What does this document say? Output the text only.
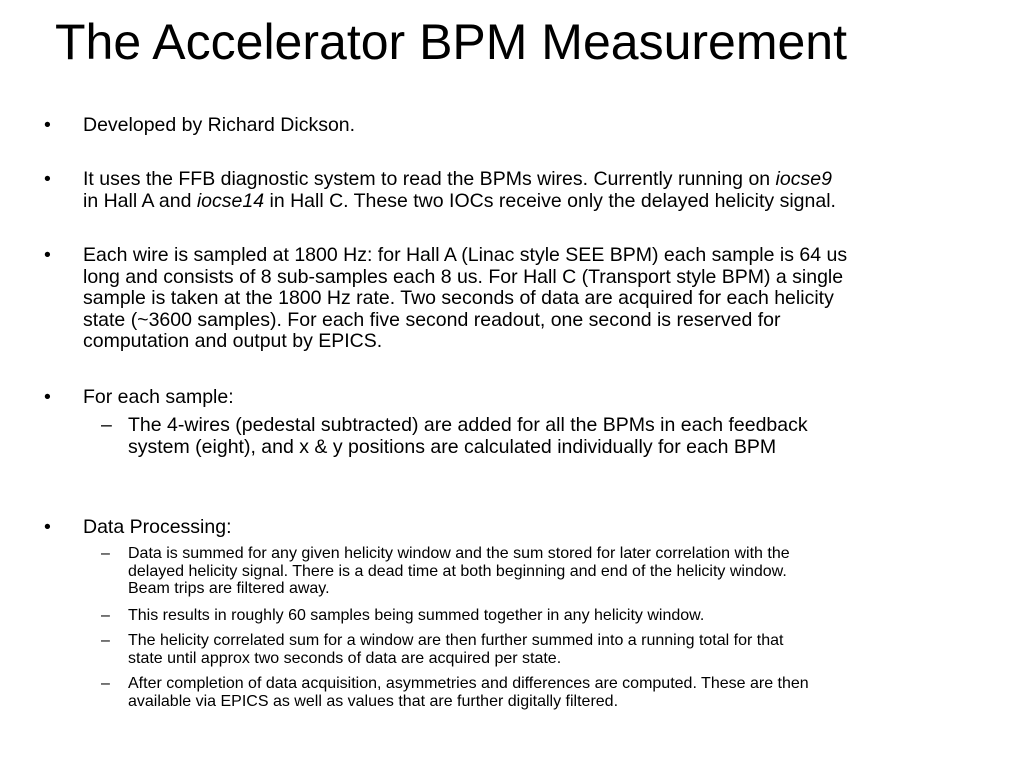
The Accelerator BPM Measurement
• Developed by Richard Dickson.
• It uses the FFB diagnostic system to read the BPMs wires. Currently running on iocse9
in Hall A and iocse14 in Hall C. These two IOCs receive only the delayed helicity signal.
• Each wire is sampled at 1800 Hz: for Hall A (Linac style SEE BPM) each sample is 64 us
long and consists of 8 sub-samples each 8 us. For Hall C (Transport style BPM) a single
sample is taken at the 1800 Hz rate. Two seconds of data are acquired for each helicity
state (~3600 samples). For each five second readout, one second is reserved for
computation and output by EPICS.
• For each sample:
– The 4-wires (pedestal subtracted) are added for all the BPMs in each feedback
system (eight), and x & y positions are calculated individually for each BPM
• Data Processing:
– Data is summed for any given helicity window and the sum stored for later correlation with the
delayed helicity signal. There is a dead time at both beginning and end of the helicity window.
Beam trips are filtered away.
– This results in roughly 60 samples being summed together in any helicity window.
– The helicity correlated sum for a window are then further summed into a running total for that
state until approx two seconds of data are acquired per state.
– After completion of data acquisition, asymmetries and differences are computed. These are then
available via EPICS as well as values that are further digitally filtered.
